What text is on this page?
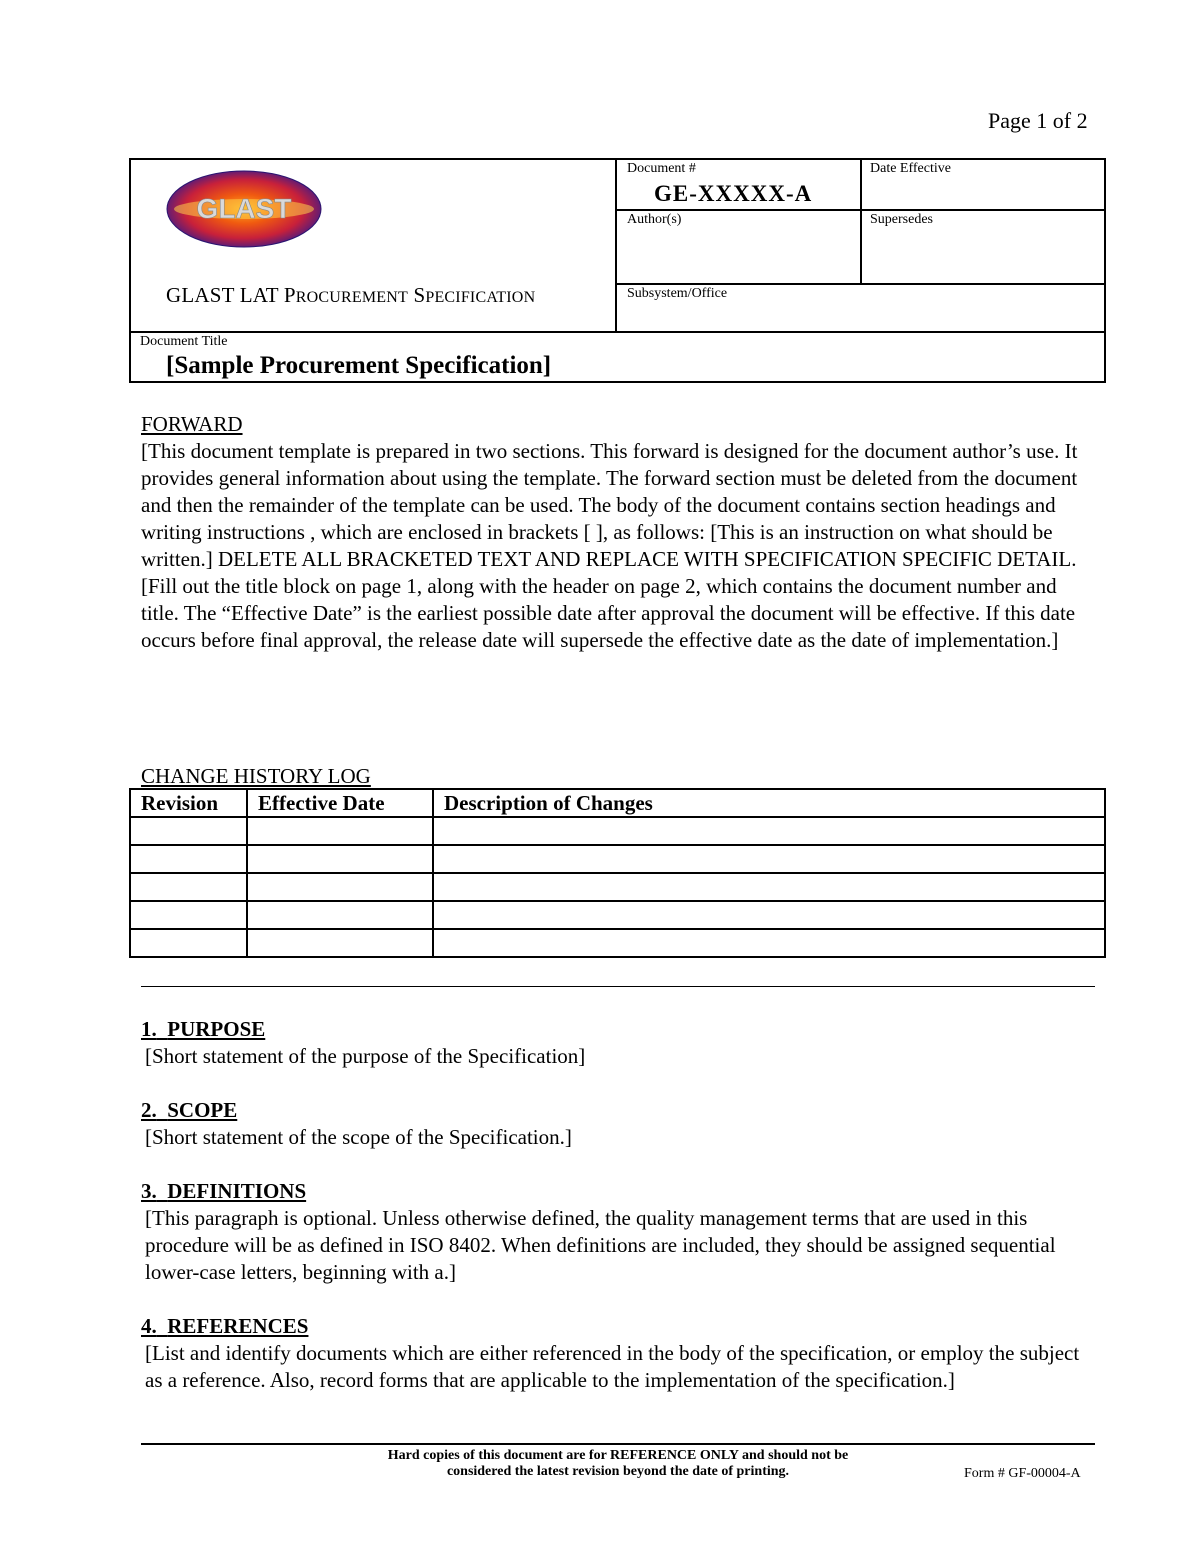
Page 1 of 2
GLAST
GLAST LAT PROCUREMENT SPECIFICATION
Document #
GE-XXXXX-A
Date Effective
Author(s)	Supersedes
Subsystem/Office
Document Title
[Sample Procurement Specification]
FORWARD
[This document template is prepared in two sections. This forward is designed for the document author’s use. It provides general information about using the template. The forward section must be deleted from the document and then the remainder of the template can be used. The body of the document contains section headings and writing instructions , which are enclosed in brackets [ ], as follows: [This is an instruction on what should be written.] DELETE ALL BRACKETED TEXT AND REPLACE WITH SPECIFICATION SPECIFIC DETAIL.
[Fill out the title block on page 1, along with the header on page 2, which contains the document number and title. The “Effective Date” is the earliest possible date after approval the document will be effective. If this date occurs before final approval, the release date will supersede the effective date as the date of implementation.]
CHANGE HISTORY LOG
Revision	Effective Date	Description of Changes

1. PURPOSE
[Short statement of the purpose of the Specification]
2. SCOPE
[Short statement of the scope of the Specification.]
3. DEFINITIONS
[This paragraph is optional. Unless otherwise defined, the quality management terms that are used in this procedure will be as defined in ISO 8402. When definitions are included, they should be assigned sequential lower-case letters, beginning with a.]
4. REFERENCES
[List and identify documents which are either referenced in the body of the specification, or employ the subject as a reference. Also, record forms that are applicable to the implementation of the specification.]
Hard copies of this document are for REFERENCE ONLY and should not be
considered the latest revision beyond the date of printing.	Form # GF-00004-A
